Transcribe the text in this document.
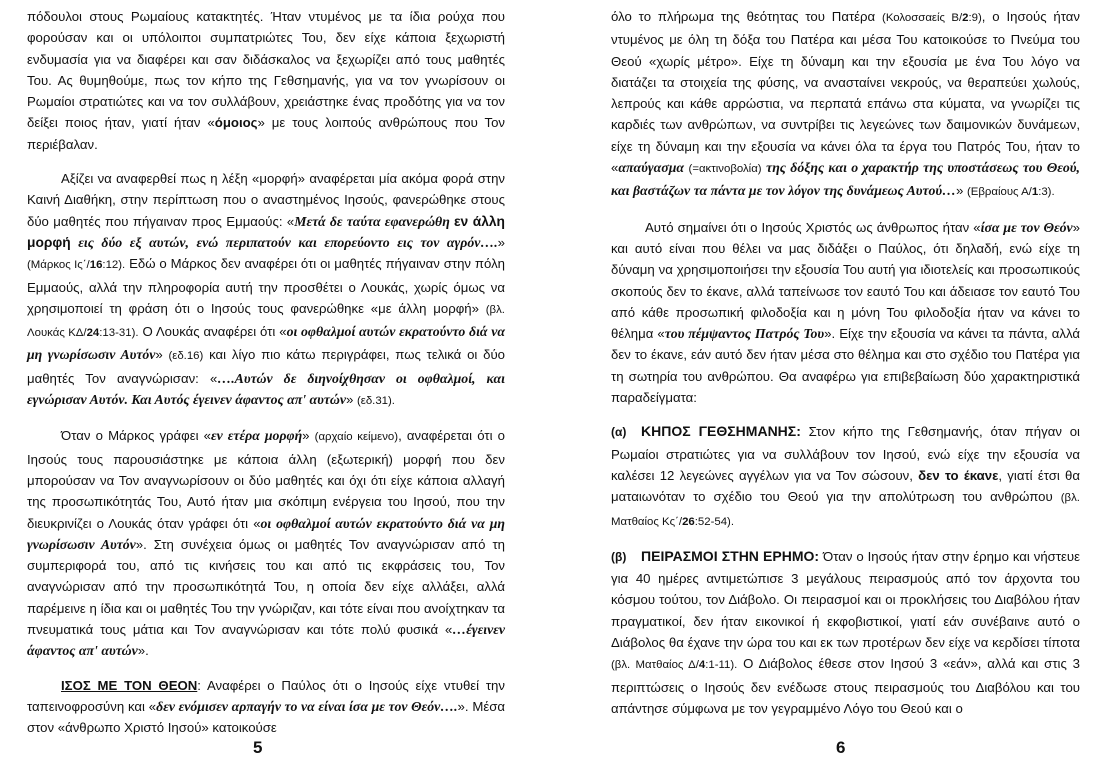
πόδουλοι στους Ρωμαίους κατακτητές. Ήταν ντυμένος με τα ίδια ρούχα που φορούσαν και οι υπόλοιποι συμπατριώτες Του, δεν είχε κάποια ξεχωριστή ενδυμασία για να διαφέρει και σαν διδάσκαλος να ξεχωρίζει από τους μαθητές Του. Ας θυμηθούμε, πως τον κήπο της Γεθσημανής, για να τον γνωρίσουν οι Ρωμαίοι στρατιώτες και να τον συλλάβουν, χρειάστηκε ένας προδότης για να τον δείξει ποιος ήταν, γιατί ήταν «όμοιος» με τους λοιπούς ανθρώπους που Τον περιέβαλαν.

Αξίζει να αναφερθεί πως η λέξη «μορφή» αναφέρεται μία ακόμα φορά στην Καινή Διαθήκη, στην περίπτωση που ο αναστημένος Ιησούς, φανερώθηκε στους δύο μαθητές που πήγαιναν προς Εμμαούς: «Μετά δε ταύτα εφανερώθη εν άλλη μορφή εις δύο εξ αυτών, ενώ περιπατούν και επορεύοντο εις τον αγρόν….» (Μάρκος Ις΄/16:12). Εδώ ο Μάρκος δεν αναφέρει ότι οι μαθητές πήγαιναν στην πόλη Εμμαούς, αλλά την πληροφορία αυτή την προσθέτει ο Λουκάς, χωρίς όμως να χρησιμοποιεί τη φράση ότι ο Ιησούς τους φανερώθηκε «με άλλη μορφή» (βλ. Λουκάς ΚΔ/24:13-31). Ο Λουκάς αναφέρει ότι «οι οφθαλμοί αυτών εκρατούντο διά να μη γνωρίσωσιν Αυτόν» (εδ.16) και λίγο πιο κάτω περιγράφει, πως τελικά οι δύο μαθητές Τον αναγνώρισαν: «….Αυτών δε διηνοίχθησαν οι οφθαλμοί, και εγνώρισαν Αυτόν. Και Αυτός έγεινεν άφαντος απ' αυτών» (εδ.31).

Όταν ο Μάρκος γράφει «εν ετέρα μορφή» (αρχαίο κείμενο), αναφέρεται ότι ο Ιησούς τους παρουσιάστηκε με κάποια άλλη (εξωτερική) μορφή που δεν μπορούσαν να Τον αναγνωρίσουν οι δύο μαθητές και όχι ότι είχε κάποια αλλαγή της προσωπικότητάς Του, Αυτό ήταν μια σκόπιμη ενέργεια του Ιησού, που την διευκρινίζει ο Λουκάς όταν γράφει ότι «οι οφθαλμοί αυτών εκρατούντο διά να μη γνωρίσωσιν Αυτόν». Στη συνέχεια όμως οι μαθητές Τον αναγνώρισαν από τη συμπεριφορά του, από τις κινήσεις του και από τις εκφράσεις του, Τον αναγνώρισαν από την προσωπικότητά Του, η οποία δεν είχε αλλάξει, αλλά παρέμεινε η ίδια και οι μαθητές Του την γνώριζαν, και τότε είναι που ανοίχτηκαν τα πνευματικά τους μάτια και Τον αναγνώρισαν και τότε πολύ φυσικά «…έγεινεν άφαντος απ' αυτών».

ΙΣΟΣ ΜΕ ΤΟΝ ΘΕΟΝ: Αναφέρει ο Παύλος ότι ο Ιησούς είχε ντυθεί την ταπεινοφροσύνη και «δεν ενόμισεν αρπαγήν το να είναι ίσα με τον Θεόν….». Μέσα στον «άνθρωπο Χριστό Ιησού» κατοικούσε

5

όλο το πλήρωμα της θεότητας του Πατέρα (Κολοσσαείς Β/2:9), ο Ιησούς ήταν ντυμένος με όλη τη δόξα του Πατέρα και μέσα Του κατοικούσε το Πνεύμα του Θεού «χωρίς μέτρο». Είχε τη δύναμη και την εξουσία με ένα Του λόγο να διατάζει τα στοιχεία της φύσης, να ανασταίνει νεκρούς, να θεραπεύει χωλούς, λεπρούς και κάθε αρρώστια, να περπατά επάνω στα κύματα, να γνωρίζει τις καρδιές των ανθρώπων, να συντρίβει τις λεγεώνες των δαιμονικών δυνάμεων, είχε τη δύναμη και την εξουσία να κάνει όλα τα έργα του Πατρός Του, ήταν το «απαύγασμα (=ακτινοβολία) της δόξης και ο χαρακτήρ της υποστάσεως του Θεού, και βαστάζων τα πάντα με τον λόγον της δυνάμεως Αυτού…» (Εβραίους Α/1:3).

Αυτό σημαίνει ότι ο Ιησούς Χριστός ως άνθρωπος ήταν «ίσα με τον Θεόν» και αυτό είναι που θέλει να μας διδάξει ο Παύλος, ότι δηλαδή, ενώ είχε τη δύναμη να χρησιμοποιήσει την εξουσία Του αυτή για ιδιοτελείς και προσωπικούς σκοπούς δεν το έκανε, αλλά ταπείνωσε τον εαυτό Του και άδειασε τον εαυτό Του από κάθε προσωπική φιλοδοξία και η μόνη Του φιλοδοξία ήταν να κάνει το θέλημα «του πέμψαντος Πατρός Του». Είχε την εξουσία να κάνει τα πάντα, αλλά δεν το έκανε, εάν αυτό δεν ήταν μέσα στο θέλημα και στο σχέδιο του Πατέρα για τη σωτηρία του ανθρώπου. Θα αναφέρω για επιβεβαίωση δύο χαρακτηριστικά παραδείγματα:

(α) ΚΗΠΟΣ ΓΕΘΣΗΜΑΝΗΣ: Στον κήπο της Γεθσημανής, όταν πήγαν οι Ρωμαίοι στρατιώτες για να συλλάβουν τον Ιησού, ενώ είχε την εξουσία να καλέσει 12 λεγεώνες αγγέλων για να Τον σώσουν, δεν το έκανε, γιατί έτσι θα ματαιωνόταν το σχέδιο του Θεού για την απολύτρωση του ανθρώπου (βλ. Ματθαίος Κς΄/26:52-54).

(β) ΠΕΙΡΑΣΜΟΙ ΣΤΗΝ ΕΡΗΜΟ: Όταν ο Ιησούς ήταν στην έρημο και νήστευε για 40 ημέρες αντιμετώπισε 3 μεγάλους πειρασμούς από τον άρχοντα του κόσμου τούτου, τον Διάβολο. Οι πειρασμοί και οι προκλήσεις του Διαβόλου ήταν πραγματικοί, δεν ήταν εικονικοί ή εκφοβιστικοί, γιατί εάν συνέβαινε αυτό ο Διάβολος θα έχανε την ώρα του και εκ των προτέρων δεν είχε να κερδίσει τίποτα (βλ. Ματθαίος Δ/4:1-11). Ο Διάβολος έθεσε στον Ιησού 3 «εάν», αλλά και στις 3 περιπτώσεις ο Ιησούς δεν ενέδωσε στους πειρασμούς του Διαβόλου και του απάντησε σύμφωνα με τον γεγραμμένο Λόγο του Θεού και ο

6
